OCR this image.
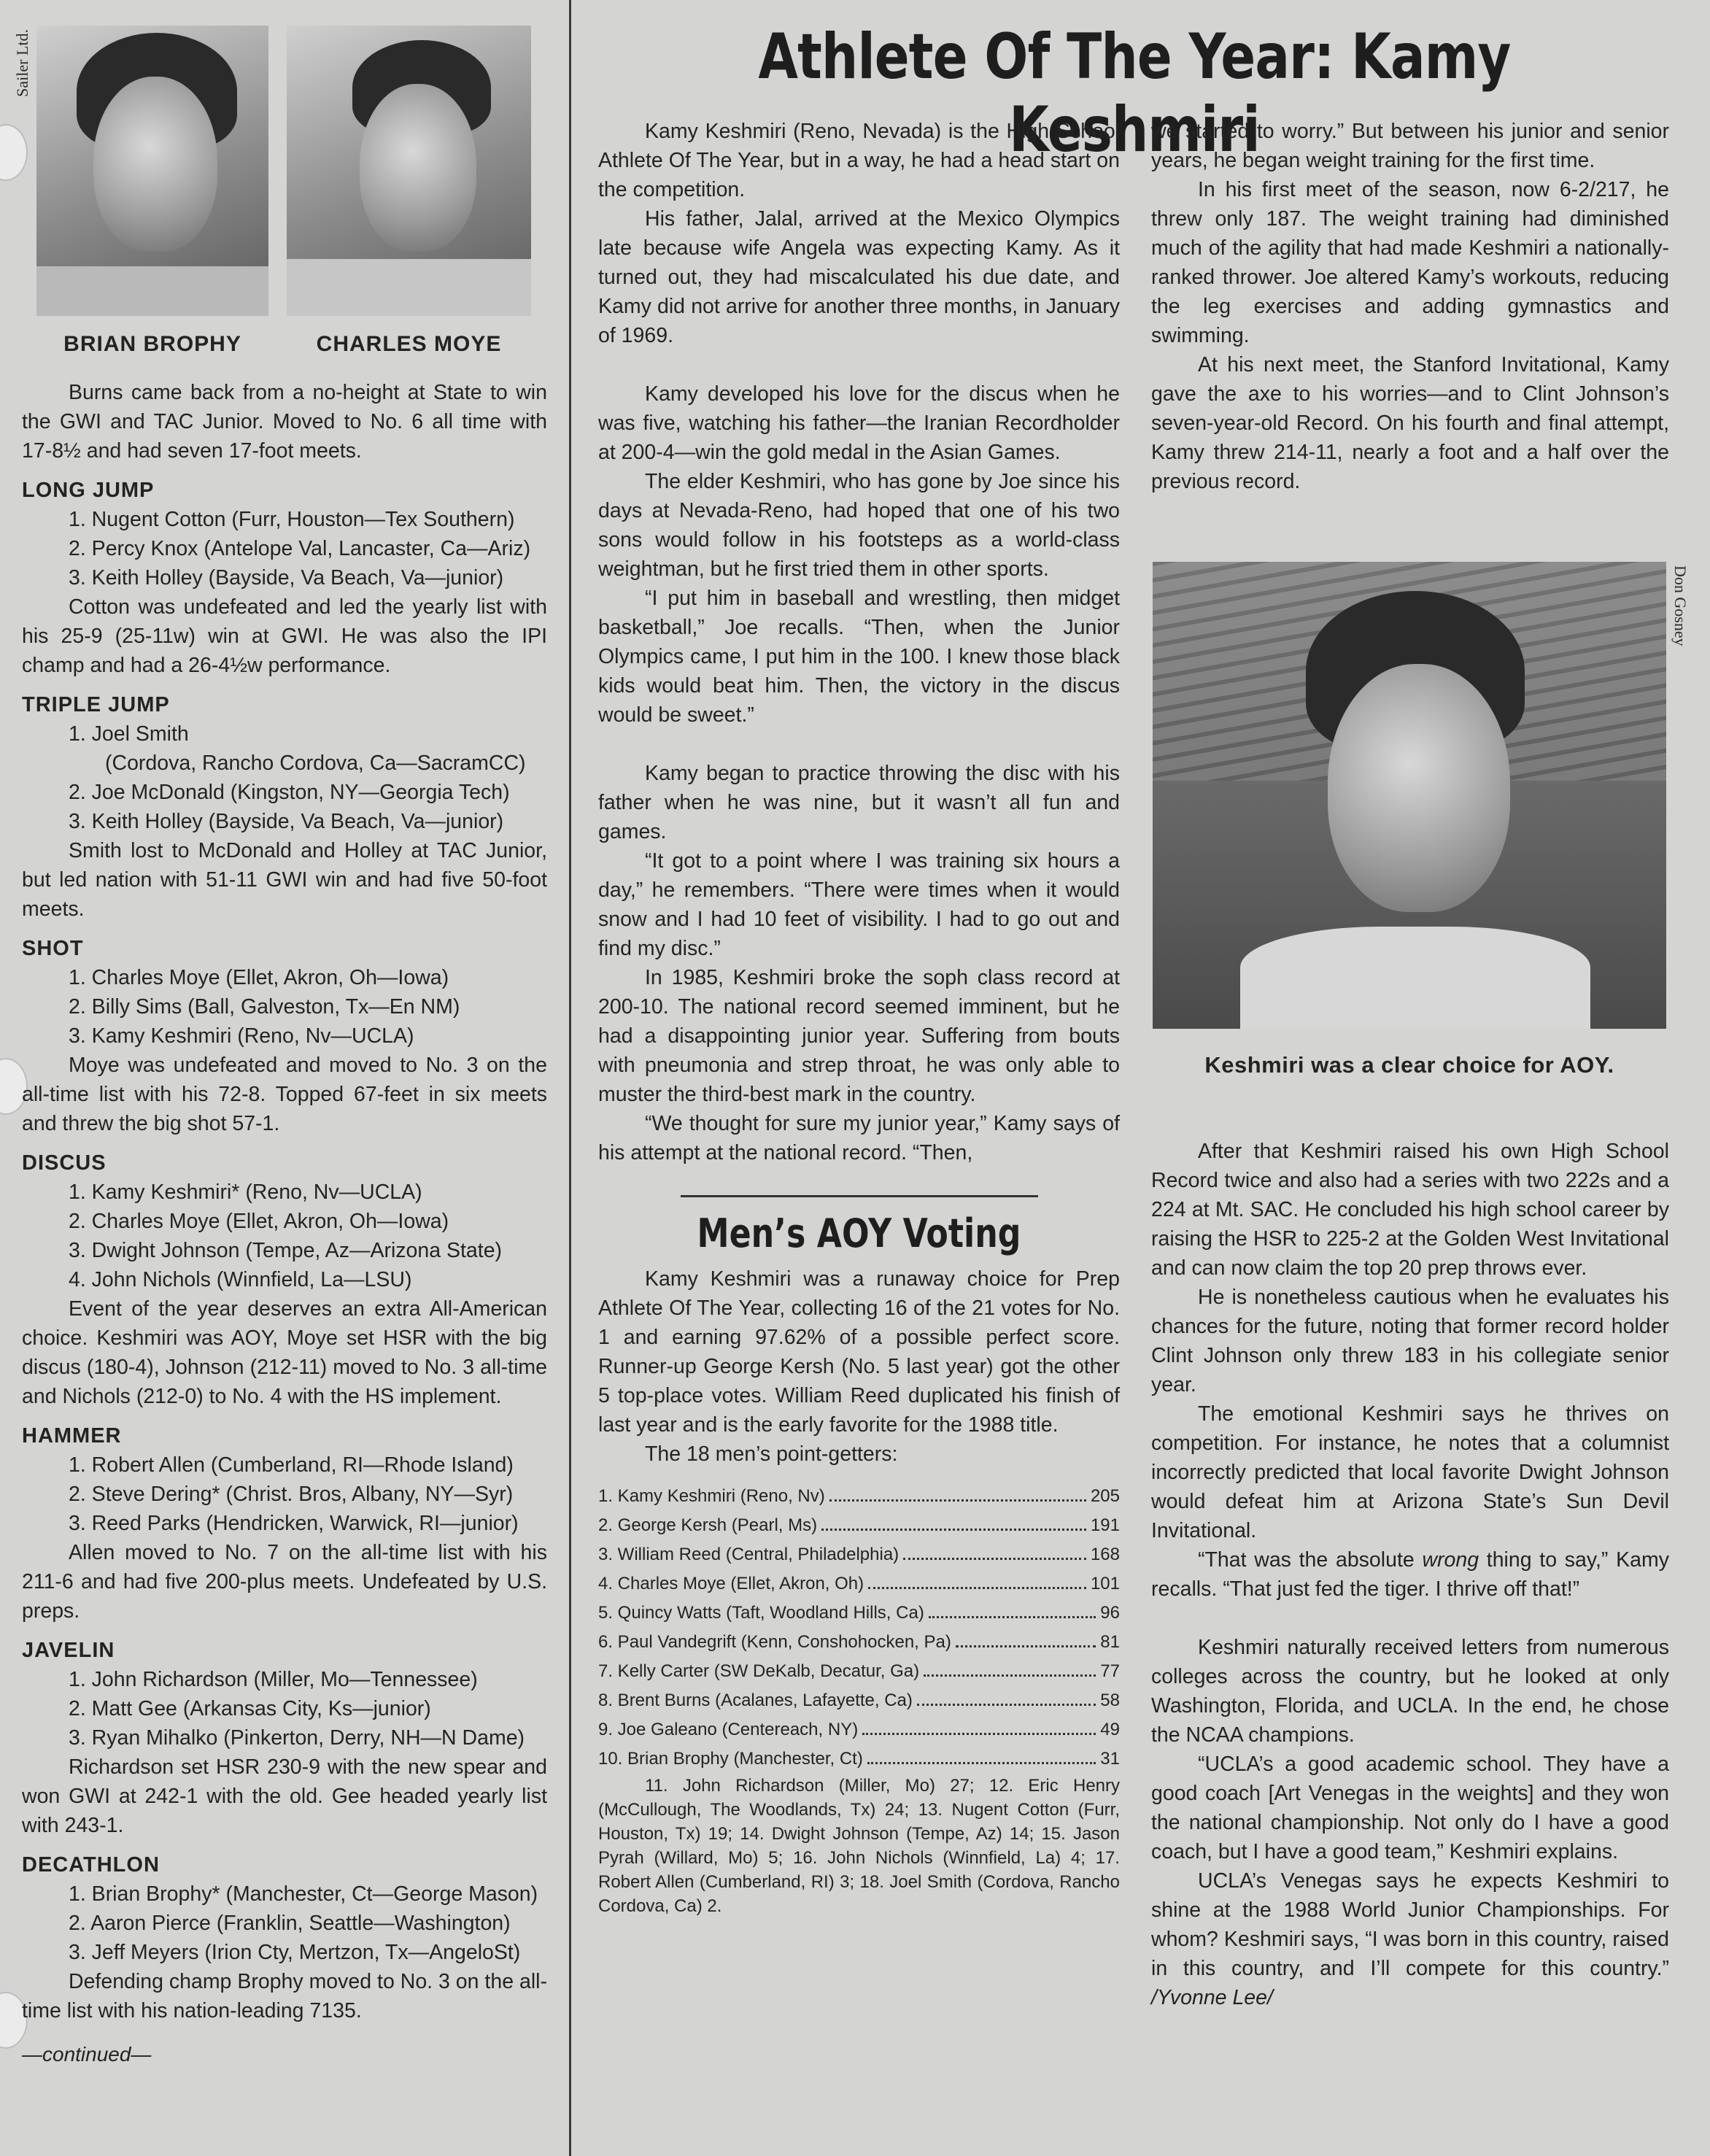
Sailer Ltd.
BRIAN BROPHY	CHARLES MOYE

Burns came back from a no-height at State to win the GWI and TAC Junior. Moved to No. 6 all time with 17-8½ and had seven 17-foot meets.

LONG JUMP

1. Nugent Cotton (Furr, Houston—Tex Southern)

2. Percy Knox (Antelope Val, Lancaster, Ca—Ariz)

3. Keith Holley (Bayside, Va Beach, Va—junior)

Cotton was undefeated and led the yearly list with his 25-9 (25-11w) win at GWI. He was also the IPI champ and had a 26-4½w performance.

TRIPLE JUMP

1. Joel Smith
(Cordova, Rancho Cordova, Ca—SacramCC)

2. Joe McDonald (Kingston, NY—Georgia Tech)

3. Keith Holley (Bayside, Va Beach, Va—junior)

Smith lost to McDonald and Holley at TAC Junior, but led nation with 51-11 GWI win and had five 50-foot meets.

SHOT

1. Charles Moye (Ellet, Akron, Oh—Iowa)

2. Billy Sims (Ball, Galveston, Tx—En NM)

3. Kamy Keshmiri (Reno, Nv—UCLA)

Moye was undefeated and moved to No. 3 on the all-time list with his 72-8. Topped 67-feet in six meets and threw the big shot 57-1.

DISCUS

1. Kamy Keshmiri* (Reno, Nv—UCLA)

2. Charles Moye (Ellet, Akron, Oh—Iowa)

3. Dwight Johnson (Tempe, Az—Arizona State)

4. John Nichols (Winnfield, La—LSU)

Event of the year deserves an extra All-American choice. Keshmiri was AOY, Moye set HSR with the big discus (180-4), Johnson (212-11) moved to No. 3 all-time and Nichols (212-0) to No. 4 with the HS implement.

HAMMER

1. Robert Allen (Cumberland, RI—Rhode Island)

2. Steve Dering* (Christ. Bros, Albany, NY—Syr)

3. Reed Parks (Hendricken, Warwick, RI—junior)

Allen moved to No. 7 on the all-time list with his 211-6 and had five 200-plus meets. Undefeated by U.S. preps.

JAVELIN

1. John Richardson (Miller, Mo—Tennessee)

2. Matt Gee (Arkansas City, Ks—junior)

3. Ryan Mihalko (Pinkerton, Derry, NH—N Dame)

Richardson set HSR 230-9 with the new spear and won GWI at 242-1 with the old. Gee headed yearly list with 243-1.

DECATHLON

1. Brian Brophy* (Manchester, Ct—George Mason)

2. Aaron Pierce (Franklin, Seattle—Washington)

3. Jeff Meyers (Irion Cty, Mertzon, Tx—AngeloSt)

Defending champ Brophy moved to No. 3 on the all-time list with his nation-leading 7135.

—continued—
Athlete Of The Year: Kamy Keshmiri

Kamy Keshmiri (Reno, Nevada) is the High School Athlete Of The Year, but in a way, he had a head start on the competition.

His father, Jalal, arrived at the Mexico Olympics late because wife Angela was expecting Kamy. As it turned out, they had miscalculated his due date, and Kamy did not arrive for another three months, in January of 1969.

Kamy developed his love for the discus when he was five, watching his father—the Iranian Recordholder at 200-4—win the gold medal in the Asian Games.

The elder Keshmiri, who has gone by Joe since his days at Nevada-Reno, had hoped that one of his two sons would follow in his footsteps as a world-class weightman, but he first tried them in other sports.

“I put him in baseball and wrestling, then midget basketball,” Joe recalls. “Then, when the Junior Olympics came, I put him in the 100. I knew those black kids would beat him. Then, the victory in the discus would be sweet.”

Kamy began to practice throwing the disc with his father when he was nine, but it wasn’t all fun and games.

“It got to a point where I was training six hours a day,” he remembers. “There were times when it would snow and I had 10 feet of visibility. I had to go out and find my disc.”

In 1985, Keshmiri broke the soph class record at 200-10. The national record seemed imminent, but he had a disappointing junior year. Suffering from bouts with pneumonia and strep throat, he was only able to muster the third-best mark in the country.

“We thought for sure my junior year,” Kamy says of his attempt at the national record. “Then,

Men’s AOY Voting

Kamy Keshmiri was a runaway choice for Prep Athlete Of The Year, collecting 16 of the 21 votes for No. 1 and earning 97.62% of a possible perfect score. Runner-up George Kersh (No. 5 last year) got the other 5 top-place votes. William Reed duplicated his finish of last year and is the early favorite for the 1988 title.

The 18 men’s point-getters:

1. Kamy Keshmiri (Reno, Nv)	205
2. George Kersh (Pearl, Ms)	191
3. William Reed (Central, Philadelphia)	168
4. Charles Moye (Ellet, Akron, Oh)	101
5. Quincy Watts (Taft, Woodland Hills, Ca)	96
6. Paul Vandegrift (Kenn, Conshohocken, Pa)	81
7. Kelly Carter (SW DeKalb, Decatur, Ga)	77
8. Brent Burns (Acalanes, Lafayette, Ca)	58
9. Joe Galeano (Centereach, NY)	49
10. Brian Brophy (Manchester, Ct)	31

11. John Richardson (Miller, Mo) 27; 12. Eric Henry (McCullough, The Woodlands, Tx) 24; 13. Nugent Cotton (Furr, Houston, Tx) 19; 14. Dwight Johnson (Tempe, Az) 14; 15. Jason Pyrah (Willard, Mo) 5; 16. John Nichols (Winnfield, La) 4; 17. Robert Allen (Cumberland, RI) 3; 18. Joel Smith (Cordova, Rancho Cordova, Ca) 2.

we started to worry.” But between his junior and senior years, he began weight training for the first time.

In his first meet of the season, now 6-2/217, he threw only 187. The weight training had diminished much of the agility that had made Keshmiri a nationally-ranked thrower. Joe altered Kamy’s workouts, reducing the leg exercises and adding gymnastics and swimming.

At his next meet, the Stanford Invitational, Kamy gave the axe to his worries—and to Clint Johnson’s seven-year-old Record. On his fourth and final attempt, Kamy threw 214-11, nearly a foot and a half over the previous record.

Don Gosney
Keshmiri was a clear choice for AOY.

After that Keshmiri raised his own High School Record twice and also had a series with two 222s and a 224 at Mt. SAC. He concluded his high school career by raising the HSR to 225-2 at the Golden West Invitational and can now claim the top 20 prep throws ever.

He is nonetheless cautious when he evaluates his chances for the future, noting that former record holder Clint Johnson only threw 183 in his collegiate senior year.

The emotional Keshmiri says he thrives on competition. For instance, he notes that a columnist incorrectly predicted that local favorite Dwight Johnson would defeat him at Arizona State’s Sun Devil Invitational.

“That was the absolute wrong thing to say,” Kamy recalls. “That just fed the tiger. I thrive off that!”

Keshmiri naturally received letters from numerous colleges across the country, but he looked at only Washington, Florida, and UCLA. In the end, he chose the NCAA champions.

“UCLA’s a good academic school. They have a good coach [Art Venegas in the weights] and they won the national championship. Not only do I have a good coach, but I have a good team,” Keshmiri explains.

UCLA’s Venegas says he expects Keshmiri to shine at the 1988 World Junior Championships. For whom? Keshmiri says, “I was born in this country, raised in this country, and I’ll compete for this country.” /Yvonne Lee/
